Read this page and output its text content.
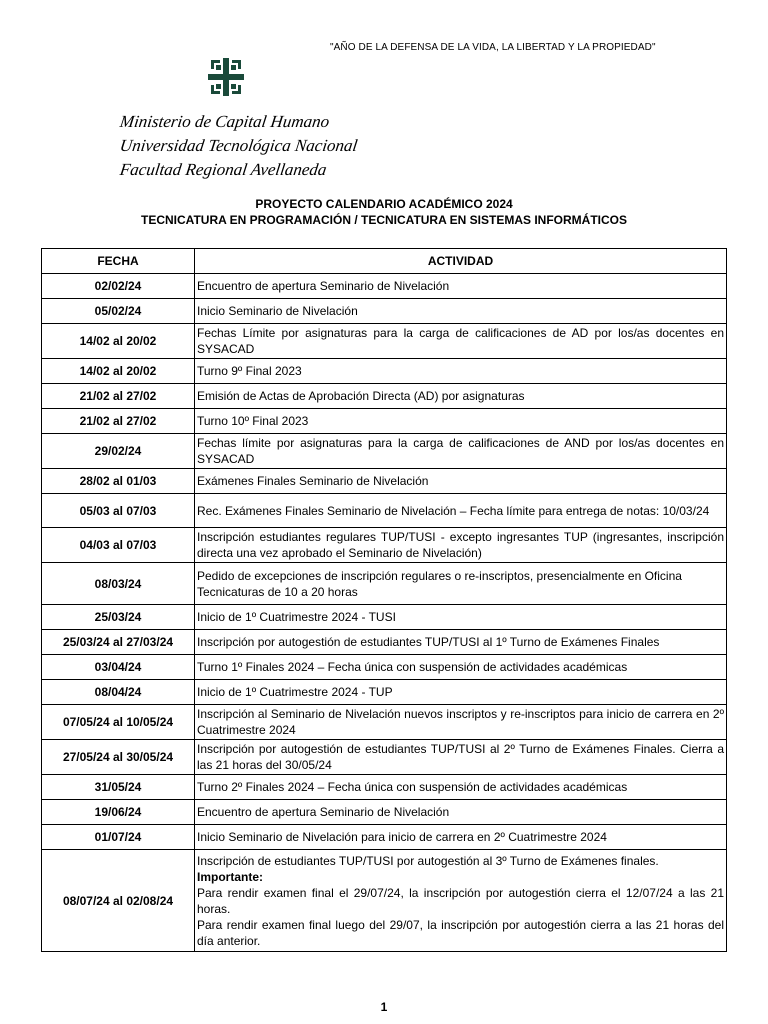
"AÑO DE LA DEFENSA DE LA VIDA, LA LIBERTAD Y LA PROPIEDAD"
Ministerio de Capital Humano
Universidad Tecnológica Nacional
Facultad Regional Avellaneda
PROYECTO CALENDARIO ACADÉMICO 2024
TECNICATURA EN PROGRAMACIÓN / TECNICATURA EN SISTEMAS INFORMÁTICOS
FECHA	ACTIVIDAD
02/02/24	Encuentro de apertura Seminario de Nivelación

05/02/24	Inicio Seminario de Nivelación

14/02 al 20/02	Fechas Límite por asignaturas para la carga de calificaciones de AD por los/as docentes en SYSACAD

14/02 al 20/02	Turno 9º Final 2023

21/02 al 27/02	Emisión de Actas de Aprobación Directa (AD) por asignaturas

21/02 al 27/02	Turno 10º Final 2023

29/02/24	Fechas límite por asignaturas para la carga de calificaciones de AND por los/as docentes en SYSACAD

28/02 al 01/03	Exámenes Finales Seminario de Nivelación

05/03 al 07/03	Rec. Exámenes Finales Seminario de Nivelación – Fecha límite para entrega de notas: 10/03/24

04/03 al 07/03	Inscripción estudiantes regulares TUP/TUSI - excepto ingresantes TUP (ingresantes, inscripción directa una vez aprobado el Seminario de Nivelación)

08/03/24	Pedido de excepciones de inscripción regulares o re-inscriptos, presencialmente en Oficina
Tecnicaturas de 10 a 20 horas

25/03/24	Inicio de 1º Cuatrimestre 2024 - TUSI

25/03/24 al 27/03/24	Inscripción por autogestión de estudiantes TUP/TUSI al 1º Turno de Exámenes Finales

03/04/24	Turno 1º Finales 2024 – Fecha única con suspensión de actividades académicas

08/04/24	Inicio de 1º Cuatrimestre 2024 - TUP

07/05/24 al 10/05/24	Inscripción al Seminario de Nivelación nuevos inscriptos y re-inscriptos para inicio de carrera en 2º Cuatrimestre 2024

27/05/24 al 30/05/24	Inscripción por autogestión de estudiantes TUP/TUSI al 2º Turno de Exámenes Finales. Cierra a las 21 horas del 30/05/24

31/05/24	Turno 2º Finales 2024 – Fecha única con suspensión de actividades académicas

19/06/24	Encuentro de apertura Seminario de Nivelación

01/07/24	Inicio Seminario de Nivelación para inicio de carrera en 2º Cuatrimestre 2024

08/07/24 al 02/08/24	Inscripción de estudiantes TUP/TUSI por autogestión al 3º Turno de Exámenes finales.
Importante:
Para rendir examen final el 29/07/24, la inscripción por autogestión cierra el 12/07/24 a las 21 horas.
Para rendir examen final luego del 29/07, la inscripción por autogestión cierra a las 21 horas del día anterior.
1
